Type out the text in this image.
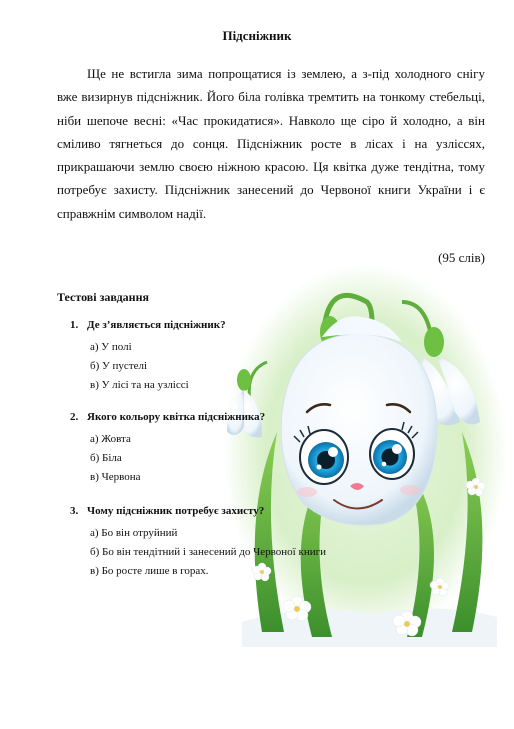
Підсніжник

Ще не встигла зима попрощатися із землею, а з-під холодного снігу вже визирнув підсніжник. Його біла голівка тремтить на тонкому стебельці, ніби шепоче весні: «Час прокидатися». Навколо ще сіро й холодно, а він сміливо тягнеться до сонця. Підсніжник росте в лісах і на узліссях, прикрашаючи землю своєю ніжною красою. Ця квітка дуже тендітна, тому потребує захисту. Підсніжник занесений до Червоної книги України і є справжнім символом надії.

(95 слів)
Тестові завдання
1. Де з’являється підсніжник?
а) У полі
б) У пустелі
в) У лісі та на узліссі
2. Якого кольору квітка підсніжника?
а) Жовта
б) Біла
в) Червона
3. Чому підсніжник потребує захисту?
а) Бо він отруйний
б) Бо він тендітний і занесений до Червоної книги
в) Бо росте лише в горах.
